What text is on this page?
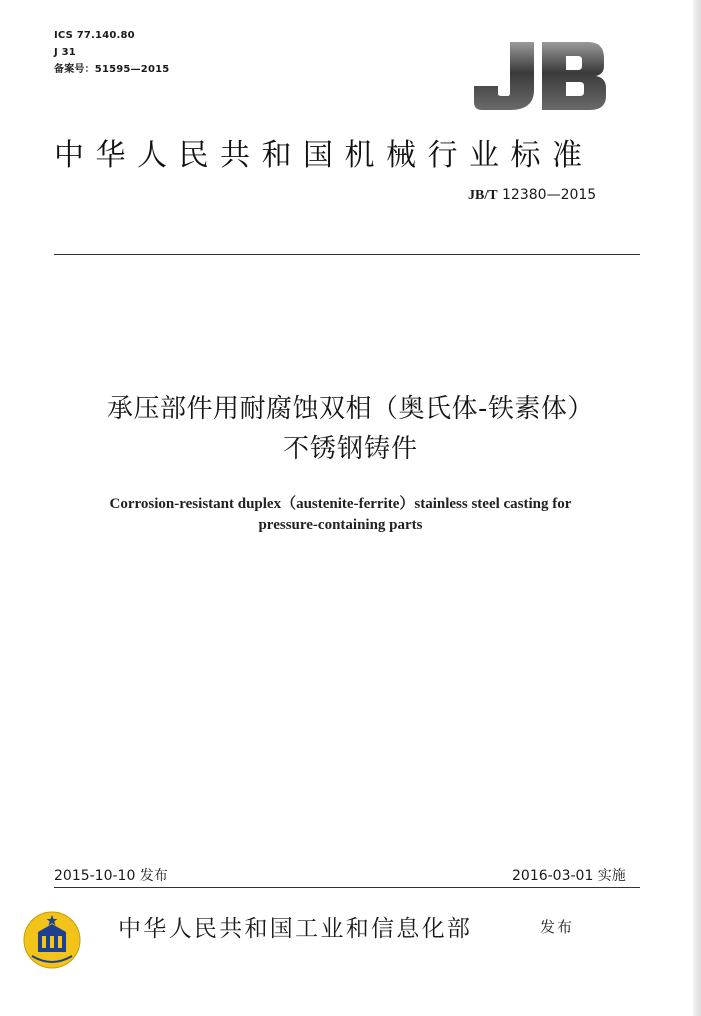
ICS 77.140.80
J 31
备案号：51595—2015
中华人民共和国机械行业标准
JB/T 12380—2015
承压部件用耐腐蚀双相（奥氏体-铁素体）
不锈钢铸件
Corrosion-resistant duplex（austenite-ferrite）stainless steel casting for
pressure-containing parts
2015-10-10 发布	2016-03-01 实施
中华人民共和国工业和信息化部	发布
